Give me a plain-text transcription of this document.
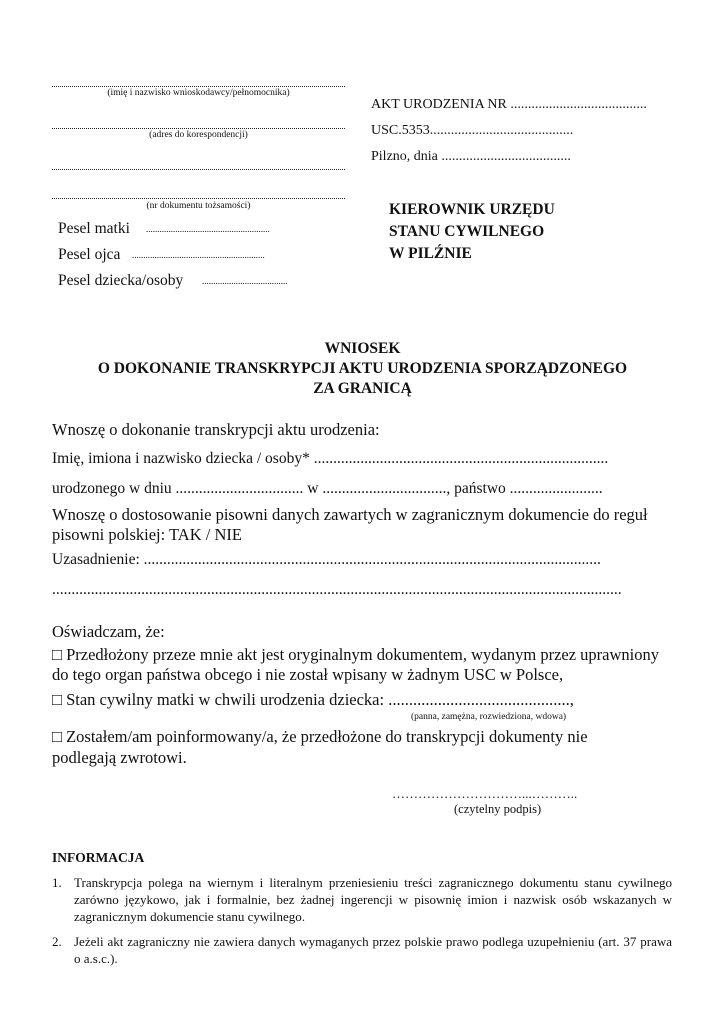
(imię i nazwisko wnioskodawcy/pełnomocnika)
(adres do korespondencji)
(nr dokumentu tożsamości)
Pesel matki .......................................................
Pesel ojca ...........................................................
Pesel dziecka/osoby ......................................
AKT URODZENIA NR .......................................
USC.5353.........................................
Pilzno, dnia .....................................
KIEROWNIK URZĘDU
STANU CYWILNEGO
W PILŹNIE
WNIOSEK
O DOKONANIE TRANSKRYPCJI AKTU URODZENIA SPORZĄDZONEGO
ZA GRANICĄ
Wnoszę o dokonanie transkrypcji aktu urodzenia:
Imię, imiona i nazwisko dziecka / osoby* ............................................................................
urodzonego w dniu ................................. w ................................, państwo ........................
Wnoszę o dostosowanie pisowni danych zawartych w zagranicznym dokumencie do reguł
pisowni polskiej: TAK / NIE
Uzasadnienie: ......................................................................................................................
...................................................................................................................................................
Oświadczam, że:
□ Przedłożony przeze mnie akt jest oryginalnym dokumentem, wydanym przez uprawniony
do tego organ państwa obcego i nie został wpisany w żadnym USC w Polsce,
□ Stan cywilny matki w chwili urodzenia dziecka: ............................................,
(panna, zamężna, rozwiedziona, wdowa)
□ Zostałem/am poinformowany/a, że przedłożone do transkrypcji dokumenty nie
podlegają zwrotowi.
…………………………...………..
(czytelny podpis)
INFORMACJA
1. Transkrypcja polega na wiernym i literalnym przeniesieniu treści zagranicznego dokumentu stanu cywilnego zarówno językowo, jak i formalnie, bez żadnej ingerencji w pisownię imion i nazwisk osób wskazanych w zagranicznym dokumencie stanu cywilnego.
2. Jeżeli akt zagraniczny nie zawiera danych wymaganych przez polskie prawo podlega uzupełnieniu (art. 37 prawa o a.s.c.).
